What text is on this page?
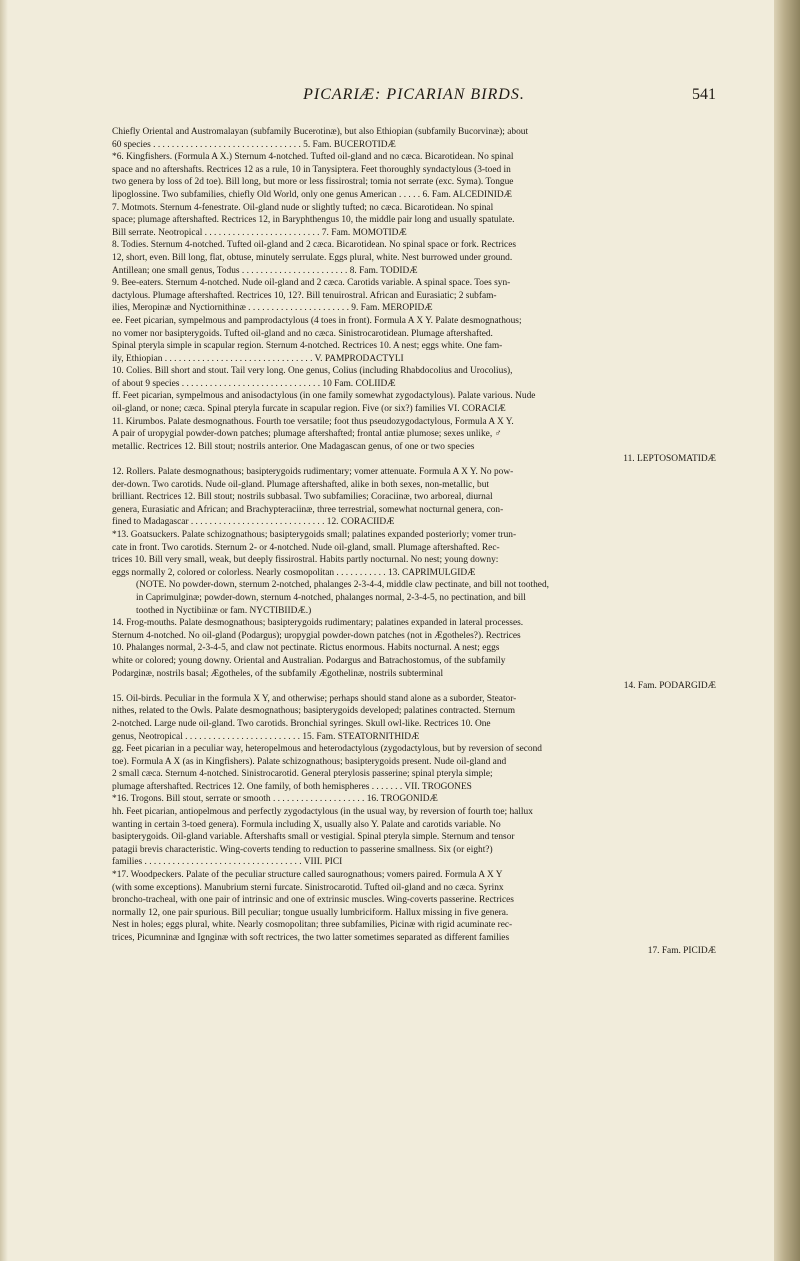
PICARIÆ: PICARIAN BIRDS.	541
Chiefly Oriental and Austromalayan (subfamily Bucerotinæ), but also Ethiopian (subfamily Bucorvinæ); about
60 species . . . . . . . . . . . . . . . . . . . . . . . . . . . . . . . . 5. Fam. BUCEROTIDÆ
*6. Kingfishers. (Formula A X.) Sternum 4-notched. Tufted oil-gland and no cæca. Bicarotidean. No spinal
space and no aftershafts. Rectrices 12 as a rule, 10 in Tanysiptera. Feet thoroughly syndactylous (3-toed in
two genera by loss of 2d toe). Bill long, but more or less fissirostral; tomia not serrate (exc. Syma). Tongue
lipoglossine. Two subfamilies, chiefly Old World, only one genus American . . . . . 6. Fam. ALCEDINIDÆ
7. Motmots. Sternum 4-fenestrate. Oil-gland nude or slightly tufted; no cæca. Bicarotidean. No spinal
space; plumage aftershafted. Rectrices 12, in Baryphthengus 10, the middle pair long and usually spatulate.
Bill serrate. Neotropical . . . . . . . . . . . . . . . . . . . . . . . . . 7. Fam. MOMOTIDÆ
8. Todies. Sternum 4-notched. Tufted oil-gland and 2 cæca. Bicarotidean. No spinal space or fork. Rectrices
12, short, even. Bill long, flat, obtuse, minutely serrulate. Eggs plural, white. Nest burrowed under ground.
Antillean; one small genus, Todus . . . . . . . . . . . . . . . . . . . . . . . 8. Fam. TODIDÆ
9. Bee-eaters. Sternum 4-notched. Nude oil-gland and 2 cæca. Carotids variable. A spinal space. Toes syn-
dactylous. Plumage aftershafted. Rectrices 10, 12?. Bill tenuirostral. African and Eurasiatic; 2 subfam-
ilies, Meropinæ and Nyctiornithinæ . . . . . . . . . . . . . . . . . . . . . . 9. Fam. MEROPIDÆ
ee. Feet picarian, sympelmous and pamprodactylous (4 toes in front). Formula A X Y. Palate desmognathous;
no vomer nor basipterygoids. Tufted oil-gland and no cæca. Sinistrocarotidean. Plumage aftershafted.
Spinal pteryla simple in scapular region. Sternum 4-notched. Rectrices 10. A nest; eggs white. One fam-
ily, Ethiopian . . . . . . . . . . . . . . . . . . . . . . . . . . . . . . . . V. PAMPRODACTYLI
10. Colies. Bill short and stout. Tail very long. One genus, Colius (including Rhabdocolius and Urocolius),
of about 9 species . . . . . . . . . . . . . . . . . . . . . . . . . . . . . . 10 Fam. COLIIDÆ
ff. Feet picarian, sympelmous and anisodactylous (in one family somewhat zygodactylous). Palate various. Nude
oil-gland, or none; cæca. Spinal pteryla furcate in scapular region. Five (or six?) families VI. CORACIÆ
11. Kirumbos. Palate desmognathous. Fourth toe versatile; foot thus pseudozygodactylous, Formula A X Y.
A pair of uropygial powder-down patches; plumage aftershafted; frontal antiæ plumose; sexes unlike, ♂
metallic. Rectrices 12. Bill stout; nostrils anterior. One Madagascan genus, of one or two species
11. LEPTOSOMATIDÆ
12. Rollers. Palate desmognathous; basipterygoids rudimentary; vomer attenuate. Formula A X Y. No pow-
der-down. Two carotids. Nude oil-gland. Plumage aftershafted, alike in both sexes, non-metallic, but
brilliant. Rectrices 12. Bill stout; nostrils subbasal. Two subfamilies; Coraciinæ, two arboreal, diurnal
genera, Eurasiatic and African; and Brachypteraciinæ, three terrestrial, somewhat nocturnal genera, con-
fined to Madagascar . . . . . . . . . . . . . . . . . . . . . . . . . . . . . 12. CORACIIDÆ
*13. Goatsuckers. Palate schizognathous; basipterygoids small; palatines expanded posteriorly; vomer trun-
cate in front. Two carotids. Sternum 2- or 4-notched. Nude oil-gland, small. Plumage aftershafted. Rec-
trices 10. Bill very small, weak, but deeply fissirostral. Habits partly nocturnal. No nest; young downy:
eggs normally 2, colored or colorless. Nearly cosmopolitan . . . . . . . . . . . 13. CAPRIMULGIDÆ
(NOTE. No powder-down, sternum 2-notched, phalanges 2-3-4-4, middle claw pectinate, and bill not toothed,
in Caprimulginæ; powder-down, sternum 4-notched, phalanges normal, 2-3-4-5, no pectination, and bill
toothed in Nyctibiinæ or fam. NYCTIBIIDÆ.)
14. Frog-mouths. Palate desmognathous; basipterygoids rudimentary; palatines expanded in lateral processes.
Sternum 4-notched. No oil-gland (Podargus); uropygial powder-down patches (not in Ægotheles?). Rectrices
10. Phalanges normal, 2-3-4-5, and claw not pectinate. Rictus enormous. Habits nocturnal. A nest; eggs
white or colored; young downy. Oriental and Australian. Podargus and Batrachostomus, of the subfamily
Podarginæ, nostrils basal; Ægotheles, of the subfamily Ægothelinæ, nostrils subterminal
14. Fam. PODARGIDÆ
15. Oil-birds. Peculiar in the formula X Y, and otherwise; perhaps should stand alone as a suborder, Steator-
nithes, related to the Owls. Palate desmognathous; basipterygoids developed; palatines contracted. Sternum
2-notched. Large nude oil-gland. Two carotids. Bronchial syringes. Skull owl-like. Rectrices 10. One
genus, Neotropical . . . . . . . . . . . . . . . . . . . . . . . . . 15. Fam. STEATORNITHIDÆ
gg. Feet picarian in a peculiar way, heteropelmous and heterodactylous (zygodactylous, but by reversion of second
toe). Formula A X (as in Kingfishers). Palate schizognathous; basipterygoids present. Nude oil-gland and
2 small cæca. Sternum 4-notched. Sinistrocarotid. General pterylosis passerine; spinal pteryla simple;
plumage aftershafted. Rectrices 12. One family, of both hemispheres . . . . . . . VII. TROGONES
*16. Trogons. Bill stout, serrate or smooth . . . . . . . . . . . . . . . . . . . . 16. TROGONIDÆ
hh. Feet picarian, antiopelmous and perfectly zygodactylous (in the usual way, by reversion of fourth toe; hallux
wanting in certain 3-toed genera). Formula including X, usually also Y. Palate and carotids variable. No
basipterygoids. Oil-gland variable. Aftershafts small or vestigial. Spinal pteryla simple. Sternum and tensor
patagii brevis characteristic. Wing-coverts tending to reduction to passerine smallness. Six (or eight?)
families . . . . . . . . . . . . . . . . . . . . . . . . . . . . . . . . . . VIII. PICI
*17. Woodpeckers. Palate of the peculiar structure called saurognathous; vomers paired. Formula A X Y
(with some exceptions). Manubrium sterni furcate. Sinistrocarotid. Tufted oil-gland and no cæca. Syrinx
broncho-tracheal, with one pair of intrinsic and one of extrinsic muscles. Wing-coverts passerine. Rectrices
normally 12, one pair spurious. Bill peculiar; tongue usually lumbriciform. Hallux missing in five genera.
Nest in holes; eggs plural, white. Nearly cosmopolitan; three subfamilies, Picinæ with rigid acuminate rec-
trices, Picumninæ and Ignginæ with soft rectrices, the two latter sometimes separated as different families
17. Fam. PICIDÆ
